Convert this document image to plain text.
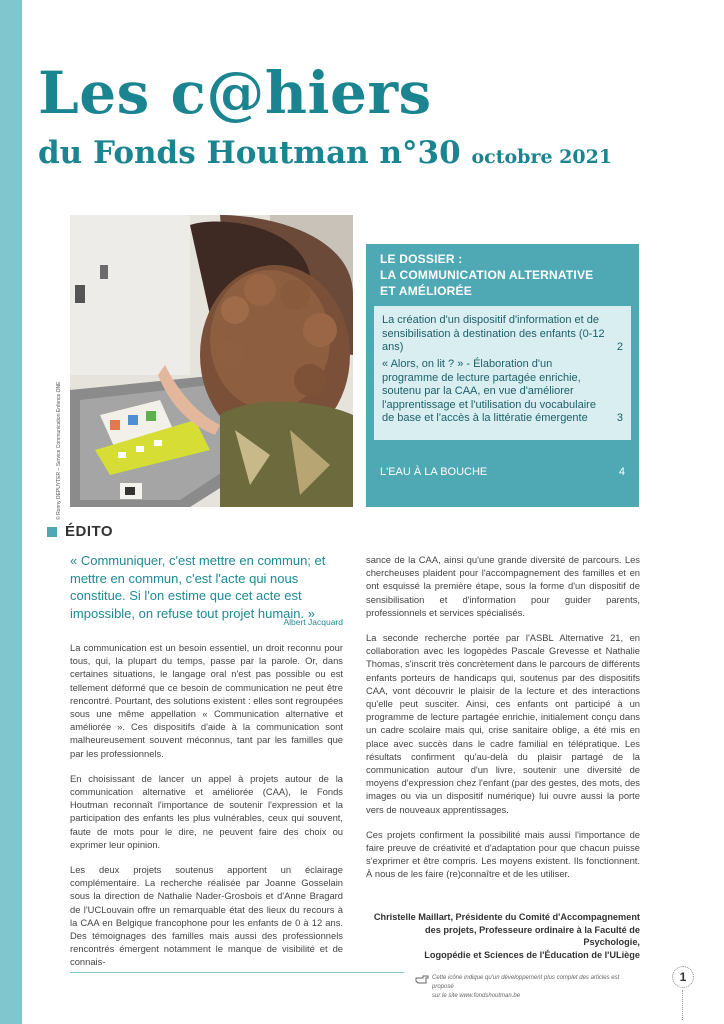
Les c@hiers
du Fonds Houtman n°30 octobre 2021
© Ronny DEPUYTER – Service Communication Enfance ONE
LE DOSSIER :
LA COMMUNICATION ALTERNATIVE
ET AMÉLIORÉE
La création d'un dispositif d'information et de sensibilisation à destination des enfants (0-12 ans)	2
« Alors, on lit ? » - Élaboration d'un programme de lecture partagée enrichie, soutenu par la CAA, en vue d'améliorer l'apprentissage et l'utilisation du vocabulaire de base et l'accès à la littératie émergente	3
L'EAU À LA BOUCHE	4
ÉDITO
« Communiquer, c'est mettre en commun; et mettre en commun, c'est l'acte qui nous constitue. Si l'on estime que cet acte est impossible, on refuse tout projet humain. »
Albert Jacquard

La communication est un besoin essentiel, un droit reconnu pour tous, qui, la plupart du temps, passe par la parole. Or, dans certaines situations, le langage oral n'est pas possible ou est tellement déformé que ce besoin de communication ne peut être rencontré. Pourtant, des solutions existent : elles sont regroupées sous une même appellation « Communication alternative et améliorée ». Ces dispositifs d'aide à la communication sont malheureusement souvent méconnus, tant par les familles que par les professionnels.

En choisissant de lancer un appel à projets autour de la communication alternative et améliorée (CAA), le Fonds Houtman reconnaît l'importance de soutenir l'expression et la participation des enfants les plus vulnérables, ceux qui souvent, faute de mots pour le dire, ne peuvent faire des choix ou exprimer leur opinion.

Les deux projets soutenus apportent un éclairage complémentaire. La recherche réalisée par Joanne Gosselain sous la direction de Nathalie Nader-Grosbois et d'Anne Bragard de l'UCLouvain offre un remarquable état des lieux du recours à la CAA en Belgique francophone pour les enfants de 0 à 12 ans. Des témoignages des familles mais aussi des professionnels rencontrés émergent notamment le manque de visibilité et de connais-

sance de la CAA, ainsi qu'une grande diversité de parcours. Les chercheuses plaident pour l'accompagnement des familles et en ont esquissé la première étape, sous la forme d'un dispositif de sensibilisation et d'information pour guider parents, professionnels et services spécialisés.

La seconde recherche portée par l'ASBL Alternative 21, en collaboration avec les logopèdes Pascale Grevesse et Nathalie Thomas, s'inscrit très concrètement dans le parcours de différents enfants porteurs de handicaps qui, soutenus par des dispositifs CAA, vont découvrir le plaisir de la lecture et des interactions qu'elle peut susciter. Ainsi, ces enfants ont participé à un programme de lecture partagée enrichie, initialement conçu dans un cadre scolaire mais qui, crise sanitaire oblige, a été mis en place avec succès dans le cadre familial en télépratique. Les résultats confirment qu'au-delà du plaisir partagé de la communication autour d'un livre, soutenir une diversité de moyens d'expression chez l'enfant (par des gestes, des mots, des images ou via un dispositif numérique) lui ouvre aussi la porte vers de nouveaux apprentissages.

Ces projets confirment la possibilité mais aussi l'importance de faire preuve de créativité et d'adaptation pour que chacun puisse s'exprimer et être compris. Les moyens existent. Ils fonctionnent. À nous de les faire (re)connaître et de les utiliser.

Christelle Maillart, Présidente du Comité d'Accompagnement
des projets, Professeure ordinaire à la Faculté de Psychologie,
Logopédie et Sciences de l'Éducation de l'ULiège
Cette icône indique qu'un développement plus complet des articles est proposé
sur le site www.fondshoutman.be
1
